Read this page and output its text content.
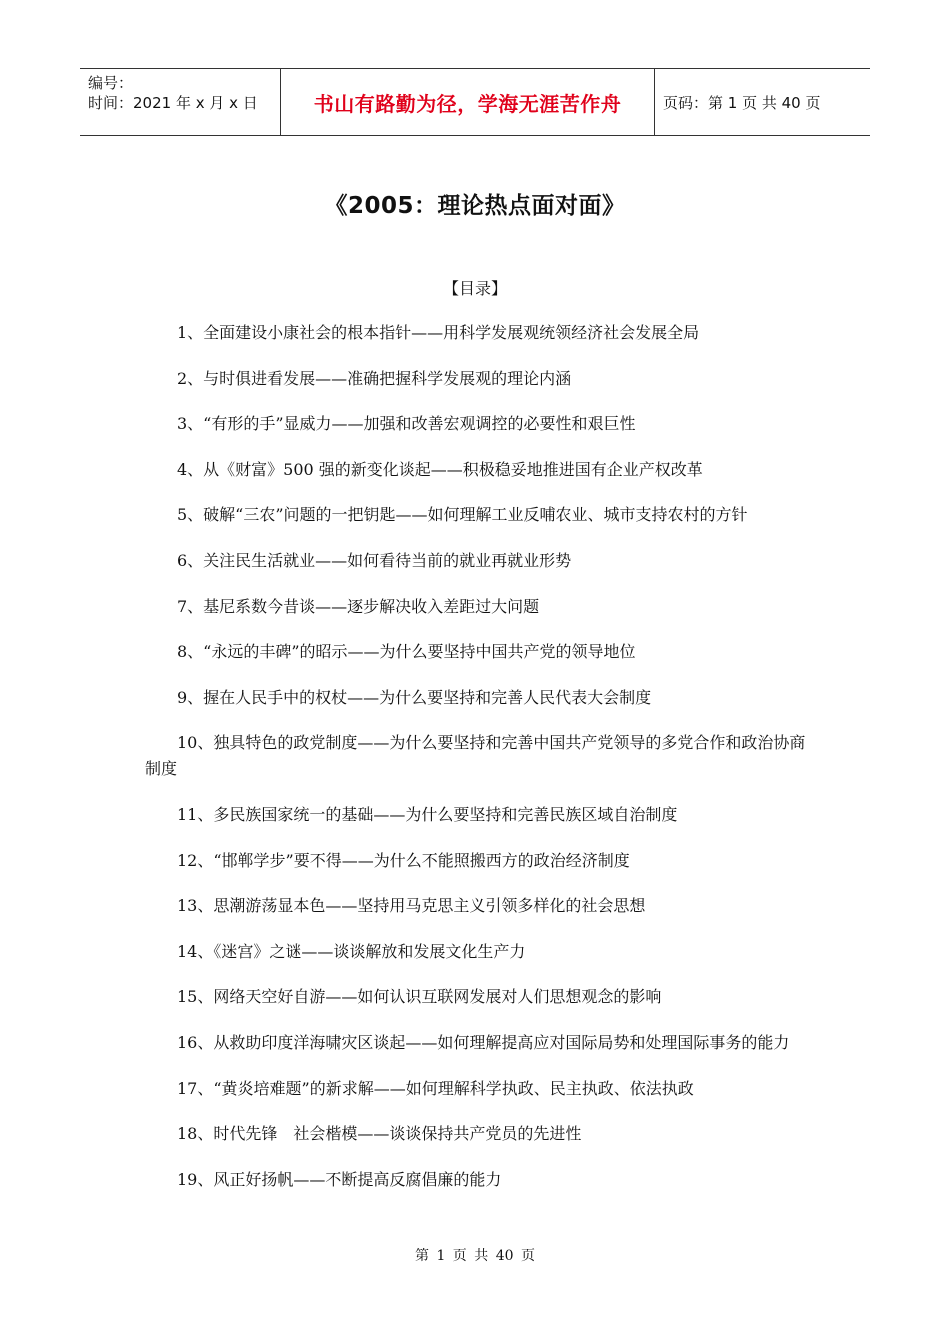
编号：
时间：2021 年 x 月 x 日	书山有路勤为径，学海无涯苦作舟	页码：第 1 页 共 40 页
《2005：理论热点面对面》
【目录】
1、全面建设小康社会的根本指针——用科学发展观统领经济社会发展全局
2、与时俱进看发展——准确把握科学发展观的理论内涵
3、“有形的手”显威力——加强和改善宏观调控的必要性和艰巨性
4、从《财富》500 强的新变化谈起——积极稳妥地推进国有企业产权改革
5、破解“三农”问题的一把钥匙——如何理解工业反哺农业、城市支持农村的方针
6、关注民生活就业——如何看待当前的就业再就业形势
7、基尼系数今昔谈——逐步解决收入差距过大问题
8、“永远的丰碑”的昭示——为什么要坚持中国共产党的领导地位
9、握在人民手中的权杖——为什么要坚持和完善人民代表大会制度
10、独具特色的政党制度——为什么要坚持和完善中国共产党领导的多党合作和政治协商制度
11、多民族国家统一的基础——为什么要坚持和完善民族区域自治制度
12、“邯郸学步”要不得——为什么不能照搬西方的政治经济制度
13、思潮游荡显本色——坚持用马克思主义引领多样化的社会思想
14、《迷宫》之谜——谈谈解放和发展文化生产力
15、网络天空好自游——如何认识互联网发展对人们思想观念的影响
16、从救助印度洋海啸灾区谈起——如何理解提高应对国际局势和处理国际事务的能力
17、“黄炎培难题”的新求解——如何理解科学执政、民主执政、依法执政
18、时代先锋　社会楷模——谈谈保持共产党员的先进性
19、风正好扬帆——不断提高反腐倡廉的能力
第 1 页 共 40 页
